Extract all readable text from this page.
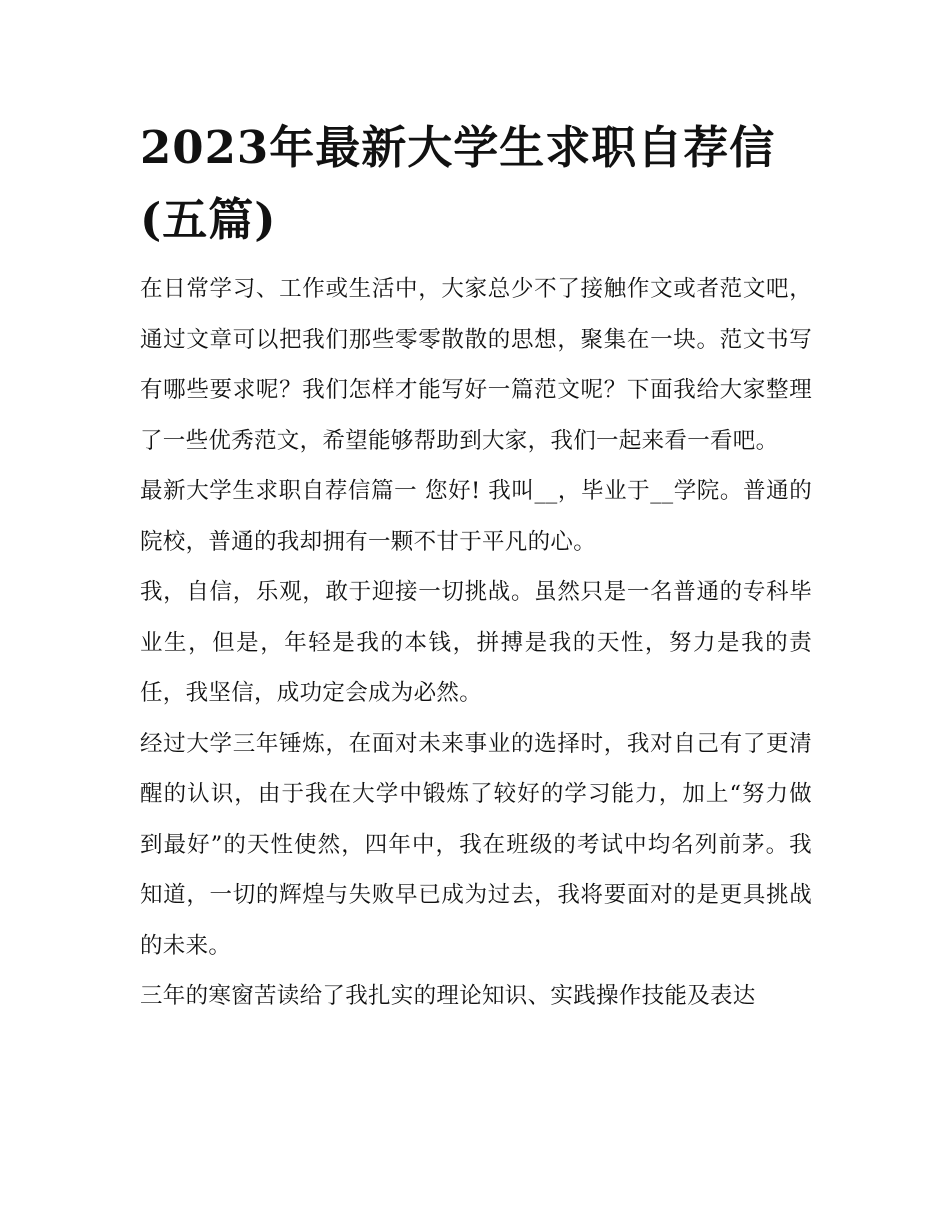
2023年最新大学生求职自荐信(五篇)

在日常学习、工作或生活中，大家总少不了接触作文或者范文吧，通过文章可以把我们那些零零散散的思想，聚集在一块。范文书写有哪些要求呢？我们怎样才能写好一篇范文呢？下面我给大家整理了一些优秀范文，希望能够帮助到大家，我们一起来看一看吧。

最新大学生求职自荐信篇一 您好! 我叫__，毕业于__学院。普通的院校，普通的我却拥有一颗不甘于平凡的心。

我，自信，乐观，敢于迎接一切挑战。虽然只是一名普通的专科毕业生，但是，年轻是我的本钱，拼搏是我的天性，努力是我的责任，我坚信，成功定会成为必然。

经过大学三年锤炼，在面对未来事业的选择时，我对自己有了更清醒的认识，由于我在大学中锻炼了较好的学习能力，加上“努力做到最好”的天性使然，四年中，我在班级的考试中均名列前茅。我知道，一切的辉煌与失败早已成为过去，我将要面对的是更具挑战的未来。

三年的寒窗苦读给了我扎实的理论知识、实践操作技能及表达
